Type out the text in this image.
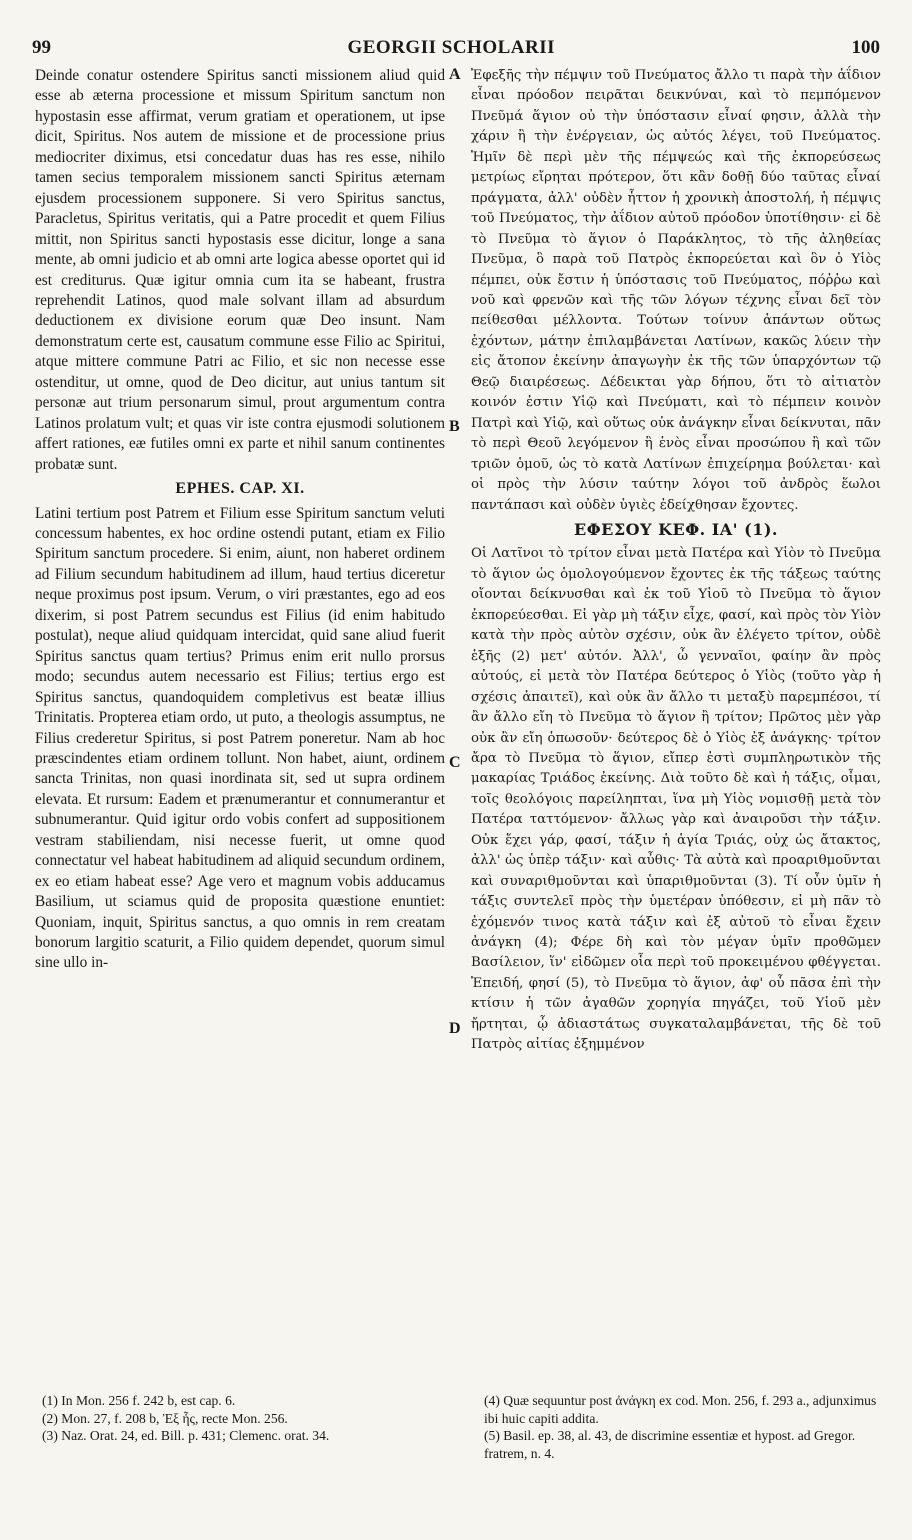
99	GEORGII SCHOLARII	100

Deinde conatur ostendere Spiritus sancti missionem aliud quid esse ab æterna processione et missum Spiritum sanctum non hypostasin esse affirmat, verum gratiam et operationem, ut ipse dicit, Spiritus. Nos autem de missione et de processione prius mediocriter diximus, etsi concedatur duas has res esse, nihilo tamen secius temporalem missionem sancti Spiritus æternam ejusdem processionem supponere. Si vero Spiritus sanctus, Paracletus, Spiritus veritatis, qui a Patre procedit et quem Filius mittit, non Spiritus sancti hypostasis esse dicitur, longe a sana mente, ab omni judicio et ab omni arte logica abesse oportet qui id est crediturus. Quæ igitur omnia cum ita se habeant, frustra reprehendit Latinos, quod male solvant illam ad absurdum deductionem ex divisione eorum quæ Deo insunt. Nam demonstratum certe est, causatum commune esse Filio ac Spiritui, atque mittere commune Patri ac Filio, et sic non necesse esse ostenditur, ut omne, quod de Deo dicitur, aut unius tantum sit personæ aut trium personarum simul, prout argumentum contra Latinos prolatum vult; et quas vir iste contra ejusmodi solutionem affert rationes, eæ futiles omni ex parte et nihil sanum continentes probatæ sunt.

EPHES. CAP. XI.

Latini tertium post Patrem et Filium esse Spiritum sanctum veluti concessum habentes, ex hoc ordine ostendi putant, etiam ex Filio Spiritum sanctum procedere. Si enim, aiunt, non haberet ordinem ad Filium secundum habitudinem ad illum, haud tertius diceretur neque proximus post ipsum. Verum, o viri præstantes, ego ad eos dixerim, si post Patrem secundus est Filius (id enim habitudo postulat), neque aliud quidquam intercidat, quid sane aliud fuerit Spiritus sanctus quam tertius? Primus enim erit nullo prorsus modo; secundus autem necessario est Filius; tertius ergo est Spiritus sanctus, quandoquidem completivus est beatæ illius Trinitatis. Propterea etiam ordo, ut puto, a theologis assumptus, ne Filius crederetur Spiritus, si post Patrem poneretur. Nam ab hoc præscindentes etiam ordinem tollunt. Non habet, aiunt, ordinem sancta Trinitas, non quasi inordinata sit, sed ut supra ordinem elevata. Et rursum: Eadem et prænumerantur et connumerantur et subnumerantur. Quid igitur ordo vobis confert ad suppositionem vestram stabiliendam, nisi necesse fuerit, ut omne quod connectatur vel habeat habitudinem ad aliquid secundum ordinem, ex eo etiam habeat esse? Age vero et magnum vobis adducamus Basilium, ut sciamus quid de proposita quæstione enuntiet: Quoniam, inquit, Spiritus sanctus, a quo omnis in rem creatam bonorum largitio scaturit, a Filio quidem dependet, quorum simul sine ullo in-

A
B
C
D

Ἐφεξῆς τὴν πέμψιν τοῦ Πνεύματος ἄλλο τι παρὰ τὴν ἀΐδιον εἶναι πρόοδον πειρᾶται δεικνύναι, καὶ τὸ πεμπόμενον Πνεῦμά ἅγιον οὐ τὴν ὑπόστασιν εἶναί φησιν, ἀλλὰ τὴν χάριν ἢ τὴν ἐνέργειαν, ὡς αὐτός λέγει, τοῦ Πνεύματος. Ἡμῖν δὲ περὶ μὲν τῆς πέμψεώς καὶ τῆς ἐκπορεύσεως μετρίως εἴρηται πρότερον, ὅτι κἂν δοθῇ δύο ταῦτας εἶναί πράγματα, ἀλλ' οὐδὲν ἧττον ἡ χρονικὴ ἀποστολή, ἡ πέμψις τοῦ Πνεύματος, τὴν ἀΐδιον αὐτοῦ πρόοδον ὑποτίθησιν· εἰ δὲ τὸ Πνεῦμα τὸ ἅγιον ὁ Παράκλητος, τὸ τῆς ἀληθείας Πνεῦμα, ὃ παρὰ τοῦ Πατρὸς ἐκπορεύεται καὶ ὃν ὁ Υἱὸς πέμπει, οὐκ ἔστιν ἡ ὑπόστασις τοῦ Πνεύματος, πόῤῥω καὶ νοῦ καὶ φρενῶν καὶ τῆς τῶν λόγων τέχνης εἶναι δεῖ τὸν πείθεσθαι μέλλοντα. Τούτων τοίνυν ἁπάντων οὕτως ἐχόντων, μάτην ἐπιλαμβάνεται Λατίνων, κακῶς λύειν τὴν εἰς ἄτοπον ἐκείνην ἀπαγωγὴν ἐκ τῆς τῶν ὑπαρχόντων τῷ Θεῷ διαιρέσεως. Δέδεικται γὰρ δήπου, ὅτι τὸ αἰτιατὸν κοινόν ἐστιν Υἱῷ καὶ Πνεύματι, καὶ τὸ πέμπειν κοινὸν Πατρὶ καὶ Υἱῷ, καὶ οὕτως οὐκ ἀνάγκην εἶναι δείκνυται, πᾶν τὸ περὶ Θεοῦ λεγόμενον ἢ ἑνὸς εἶναι προσώπου ἢ καὶ τῶν τριῶν ὁμοῦ, ὡς τὸ κατὰ Λατίνων ἐπιχείρημα βούλεται· καὶ οἱ πρὸς τὴν λύσιν ταύτην λόγοι τοῦ ἀνδρὸς ἕωλοι παντάπασι καὶ οὐδὲν ὑγιὲς ἐδείχθησαν ἔχοντες.

ΕΦΕΣΟΥ ΚΕΦ. ΙΑ' (1).

Οἱ Λατῖνοι τὸ τρίτον εἶναι μετὰ Πατέρα καὶ Υἱὸν τὸ Πνεῦμα τὸ ἅγιον ὡς ὁμολογούμενον ἔχοντες ἐκ τῆς τάξεως ταύτης οἴονται δείκνυσθαι καὶ ἐκ τοῦ Υἱοῦ τὸ Πνεῦμα τὸ ἅγιον ἐκπορεύεσθαι. Εἰ γὰρ μὴ τάξιν εἶχε, φασί, καὶ πρὸς τὸν Υἱὸν κατὰ τὴν πρὸς αὐτὸν σχέσιν, οὐκ ἂν ἐλέγετο τρίτον, οὐδὲ ἑξῆς (2) μετ' αὐτόν. Ἀλλ', ὦ γενναῖοι, φαίην ἂν πρὸς αὐτούς, εἰ μετὰ τὸν Πατέρα δεύτερος ὁ Υἱὸς (τοῦτο γὰρ ἡ σχέσις ἀπαιτεῖ), καὶ οὐκ ἂν ἄλλο τι μεταξὺ παρεμπέσοι, τί ἂν ἄλλο εἴη τὸ Πνεῦμα τὸ ἅγιον ἢ τρίτον; Πρῶτος μὲν γὰρ οὐκ ἂν εἴη ὁπωσοῦν· δεύτερος δὲ ὁ Υἱὸς ἐξ ἀνάγκης· τρίτον ἄρα τὸ Πνεῦμα τὸ ἅγιον, εἴπερ ἐστὶ συμπληρωτικὸν τῆς μακαρίας Τριάδος ἐκείνης. Διὰ τοῦτο δὲ καὶ ἡ τάξις, οἶμαι, τοῖς θεολόγοις παρείληπται, ἵνα μὴ Υἱὸς νομισθῇ μετὰ τὸν Πατέρα ταττόμενον· ἄλλως γὰρ καὶ ἀναιροῦσι τὴν τάξιν. Οὐκ ἔχει γάρ, φασί, τάξιν ἡ ἁγία Τριάς, οὐχ ὡς ἄτακτος, ἀλλ' ὡς ὑπὲρ τάξιν· καὶ αὖθις· Τὰ αὐτὰ καὶ προαριθμοῦνται καὶ συναριθμοῦνται καὶ ὑπαριθμοῦνται (3). Τί οὖν ὑμῖν ἡ τάξις συντελεῖ πρὸς τὴν ὑμετέραν ὑπόθεσιν, εἰ μὴ πᾶν τὸ ἐχόμενόν τινος κατὰ τάξιν καὶ ἐξ αὐτοῦ τὸ εἶναι ἔχειν ἀνάγκη (4); Φέρε δὴ καὶ τὸν μέγαν ὑμῖν προθῶμεν Βασίλειον, ἵν' εἰδῶμεν οἷα περὶ τοῦ προκειμένου φθέγγεται. Ἐπειδή, φησί (5), τὸ Πνεῦμα τὸ ἅγιον, ἀφ' οὗ πᾶσα ἐπὶ τὴν κτίσιν ἡ τῶν ἀγαθῶν χορηγία πηγάζει, τοῦ Υἱοῦ μὲν ἤρτηται, ᾧ ἀδιαστάτως συγκαταλαμβάνεται, τῆς δὲ τοῦ Πατρὸς αἰτίας ἐξημμένον

(1) In Mon. 256 f. 242 b, est cap. 6.

(2) Mon. 27, f. 208 b, Ἐξ ἧς, recte Mon. 256.

(3) Naz. Orat. 24, ed. Bill. p. 431; Clemenc. orat. 34.

(4) Quæ sequuntur post ἀνάγκη ex cod. Mon. 256, f. 293 a., adjunximus ibi huic capiti addita.

(5) Basil. ep. 38, al. 43, de discrimine essentiæ et hypost. ad Gregor. fratrem, n. 4.
